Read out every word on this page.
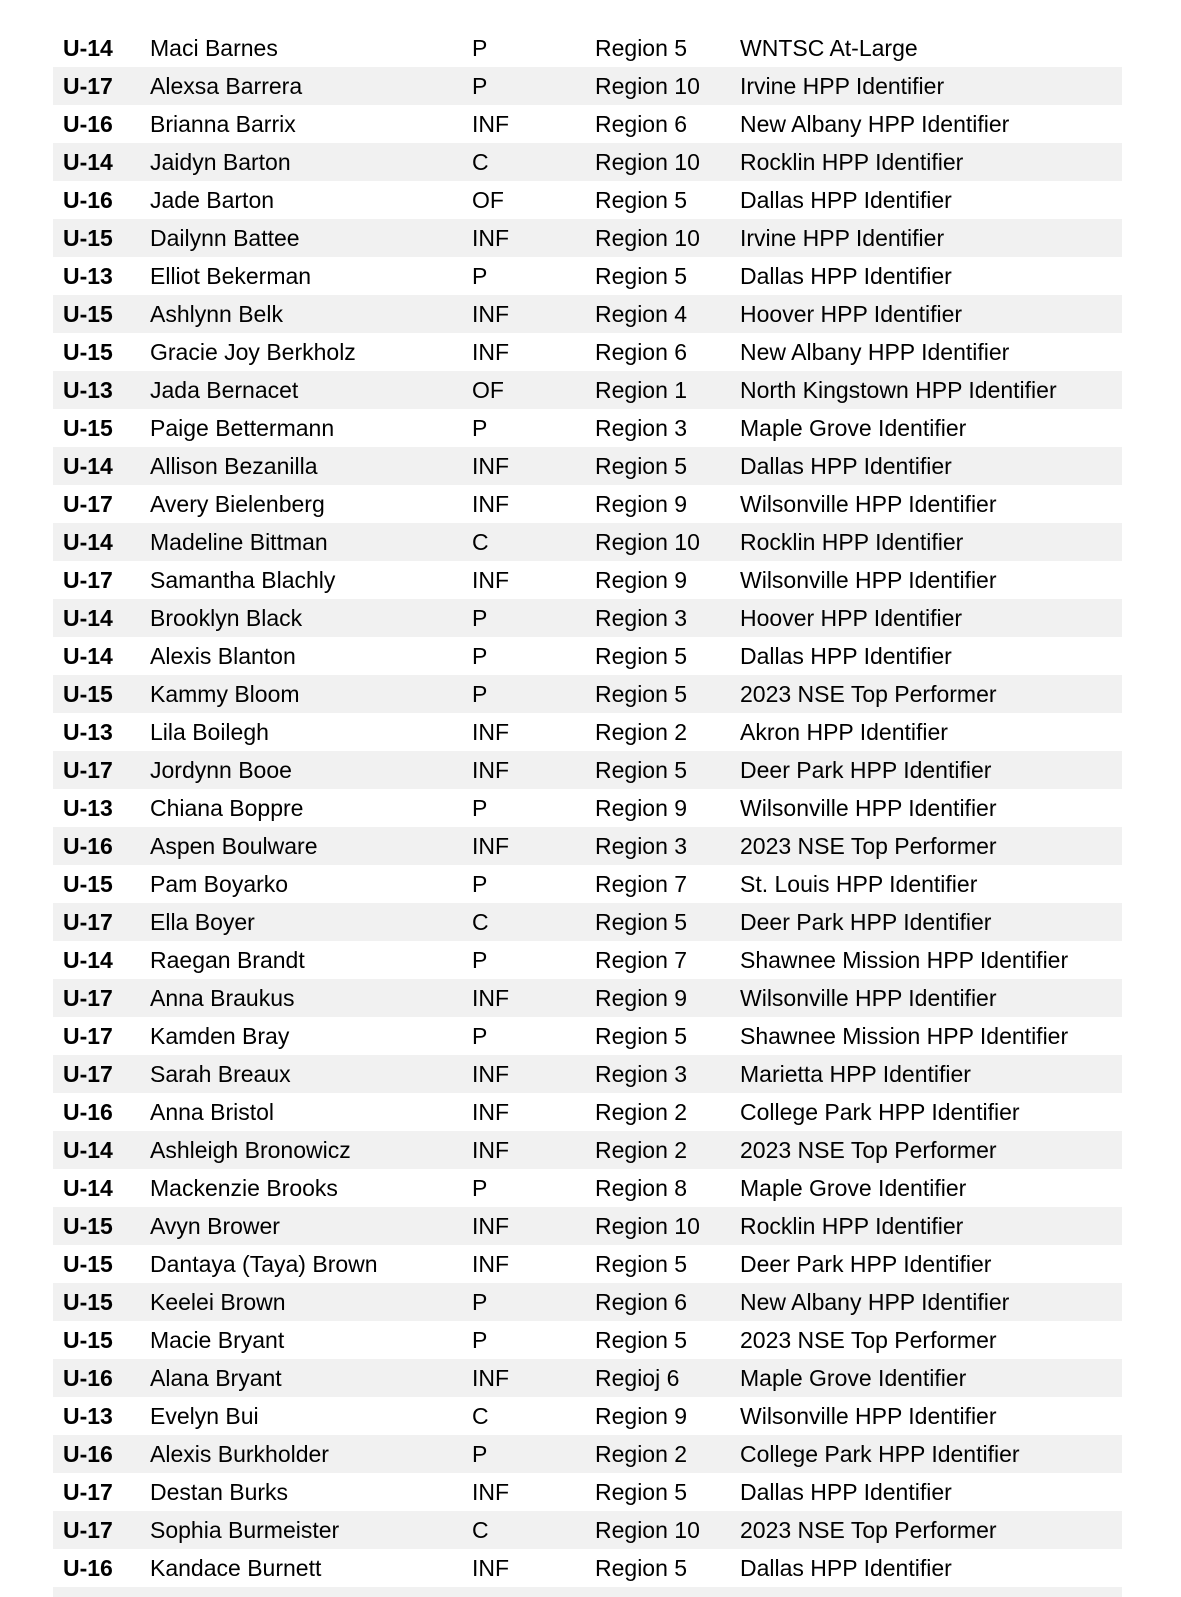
U-14	Maci Barnes	P	Region 5	WNTSC At-Large
U-17	Alexsa Barrera	P	Region 10	Irvine HPP Identifier
U-16	Brianna Barrix	INF	Region 6	New Albany HPP Identifier
U-14	Jaidyn Barton	C	Region 10	Rocklin HPP Identifier
U-16	Jade Barton	OF	Region 5	Dallas HPP Identifier
U-15	Dailynn Battee	INF	Region 10	Irvine HPP Identifier
U-13	Elliot Bekerman	P	Region 5	Dallas HPP Identifier
U-15	Ashlynn Belk	INF	Region 4	Hoover HPP Identifier
U-15	Gracie Joy Berkholz	INF	Region 6	New Albany HPP Identifier
U-13	Jada Bernacet	OF	Region 1	North Kingstown HPP Identifier
U-15	Paige Bettermann	P	Region 3	Maple Grove Identifier
U-14	Allison Bezanilla	INF	Region 5	Dallas HPP Identifier
U-17	Avery Bielenberg	INF	Region 9	Wilsonville HPP Identifier
U-14	Madeline Bittman	C	Region 10	Rocklin HPP Identifier
U-17	Samantha Blachly	INF	Region 9	Wilsonville HPP Identifier
U-14	Brooklyn Black	P	Region 3	Hoover HPP Identifier
U-14	Alexis Blanton	P	Region 5	Dallas HPP Identifier
U-15	Kammy Bloom	P	Region 5	2023 NSE Top Performer
U-13	Lila Boilegh	INF	Region 2	Akron HPP Identifier
U-17	Jordynn Booe	INF	Region 5	Deer Park HPP Identifier
U-13	Chiana Boppre	P	Region 9	Wilsonville HPP Identifier
U-16	Aspen Boulware	INF	Region 3	2023 NSE Top Performer
U-15	Pam Boyarko	P	Region 7	St. Louis HPP Identifier
U-17	Ella Boyer	C	Region 5	Deer Park HPP Identifier
U-14	Raegan Brandt	P	Region 7	Shawnee Mission HPP Identifier
U-17	Anna Braukus	INF	Region 9	Wilsonville HPP Identifier
U-17	Kamden Bray	P	Region 5	Shawnee Mission HPP Identifier
U-17	Sarah Breaux	INF	Region 3	Marietta HPP Identifier
U-16	Anna Bristol	INF	Region 2	College Park HPP Identifier
U-14	Ashleigh Bronowicz	INF	Region 2	2023 NSE Top Performer
U-14	Mackenzie Brooks	P	Region 8	Maple Grove Identifier
U-15	Avyn Brower	INF	Region 10	Rocklin HPP Identifier
U-15	Dantaya (Taya) Brown	INF	Region 5	Deer Park HPP Identifier
U-15	Keelei Brown	P	Region 6	New Albany HPP Identifier
U-15	Macie Bryant	P	Region 5	2023 NSE Top Performer
U-16	Alana Bryant	INF	Regioj 6	Maple Grove Identifier
U-13	Evelyn Bui	C	Region 9	Wilsonville HPP Identifier
U-16	Alexis Burkholder	P	Region 2	College Park HPP Identifier
U-17	Destan Burks	INF	Region 5	Dallas HPP Identifier
U-17	Sophia Burmeister	C	Region 10	2023 NSE Top Performer
U-16	Kandace Burnett	INF	Region 5	Dallas HPP Identifier
